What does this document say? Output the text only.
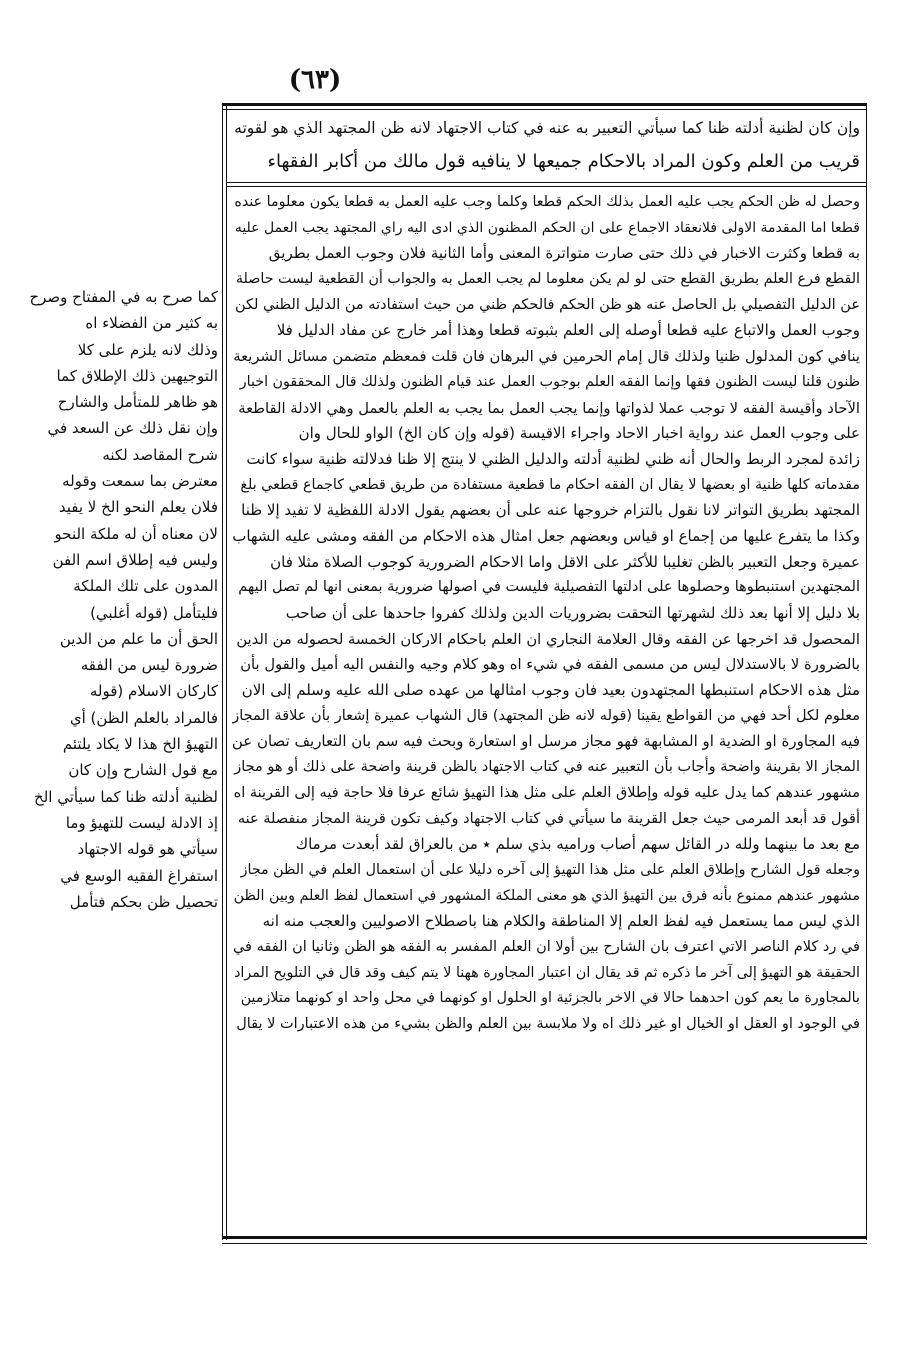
(٦٣)

وإن كان لظنية أدلته ظنا كما سيأتي التعبير به عنه في كتاب الاجتهاد لانه ظن المجتهد الذي هو لقوته

قريب من العلم وكون المراد بالاحكام جميعها لا ينافيه قول مالك من أكابر الفقهاء

وحصل له ظن الحكم يجب عليه العمل بذلك الحكم قطعا وكلما وجب عليه العمل به قطعا يكون معلوما عنده

قطعا اما المقدمة الاولى فلانعقاد الاجماع على ان الحكم المظنون الذي ادى اليه راي المجتهد يجب العمل عليه

به قطعا وكثرت الاخبار في ذلك حتى صارت متواترة المعنى وأما الثانية فلان وجوب العمل بطريق

القطع فرع العلم بطريق القطع حتى لو لم يكن معلوما لم يجب العمل به والجواب أن القطعية ليست حاصلة

عن الدليل التفصيلي بل الحاصل عنه هو ظن الحكم فالحكم ظني من حيث استفادته من الدليل الظني لكن

وجوب العمل والاتباع عليه قطعا أوصله إلى العلم بثبوته قطعا وهذا أمر خارج عن مفاد الدليل فلا

ينافي كون المدلول ظنيا ولذلك قال إمام الحرمين في البرهان فان قلت فمعظم متضمن مسائل الشريعة

ظنون قلنا ليست الظنون فقها وإنما الفقه العلم بوجوب العمل عند قيام الظنون ولذلك قال المحققون اخبار

الآحاد وأقيسة الفقه لا توجب عملا لذواتها وإنما يجب العمل بما يجب به العلم بالعمل وهي الادلة القاطعة

على وجوب العمل عند رواية اخبار الاحاد واجراء الاقيسة (قوله وإن كان الخ) الواو للحال وان

زائدة لمجرد الربط والحال أنه ظني لظنية أدلته والدليل الظني لا ينتج إلا ظنا فدلالته ظنية سواء كانت

مقدماته كلها ظنية او بعضها لا يقال ان الفقه احكام ما قطعية مستفادة من طريق قطعي كاجماع قطعي بلغ

المجتهد بطريق التواتر لانا نقول بالتزام خروجها عنه على أن بعضهم يقول الادلة اللفظية لا تفيد إلا ظنا

وكذا ما يتفرع عليها من إجماع او قياس وبعضهم جعل امثال هذه الاحكام من الفقه ومشى عليه الشهاب

عميرة وجعل التعبير بالظن تغليبا للأكثر على الاقل واما الاحكام الضرورية كوجوب الصلاة مثلا فان

المجتهدين استنبطوها وحصلوها على ادلتها التفصيلية فليست في اصولها ضرورية بمعنى انها لم تصل اليهم

بلا دليل إلا أنها بعد ذلك لشهرتها التحقت بضروريات الدين ولذلك كفروا جاحدها على أن صاحب

المحصول قد اخرجها عن الفقه وقال العلامة النجاري ان العلم باحكام الاركان الخمسة لحصوله من الدين

بالضرورة لا بالاستدلال ليس من مسمى الفقه في شيء اه وهو كلام وجيه والنفس اليه أميل والقول بأن

مثل هذه الاحكام استنبطها المجتهدون بعيد فان وجوب امثالها من عهده صلى الله عليه وسلم إلى الان

معلوم لكل أحد فهي من القواطع يقينا (قوله لانه ظن المجتهد) قال الشهاب عميرة إشعار بأن علاقة المجاز

فيه المجاورة او الضدية او المشابهة فهو مجاز مرسل او استعارة وبحث فيه سم بان التعاريف تصان عن

المجاز الا بقرينة واضحة وأجاب بأن التعبير عنه في كتاب الاجتهاد بالظن قرينة واضحة على ذلك أو هو مجاز

مشهور عندهم كما يدل عليه قوله وإطلاق العلم على مثل هذا التهيؤ شائع عرفا فلا حاجة فيه إلى القرينة اه

أقول قد أبعد المرمى حيث جعل القرينة ما سيأتي في كتاب الاجتهاد وكيف تكون قرينة المجاز منفصلة عنه

مع بعد ما بينهما ولله در القائل سهم أصاب وراميه بذي سلم ٭ من بالعراق لقد أبعدت مرماك

وجعله قول الشارح وإطلاق العلم على مثل هذا التهيؤ إلى آخره دليلا على أن استعمال العلم في الظن مجاز

مشهور عندهم ممنوع بأنه فرق بين التهيؤ الذي هو معنى الملكة المشهور في استعمال لفظ العلم وبين الظن

الذي ليس مما يستعمل فيه لفظ العلم إلا المناطقة والكلام هنا باصطلاح الاصوليين والعجب منه انه

في رد كلام الناصر الاتي اعترف بان الشارح بين أولا ان العلم المفسر به الفقه هو الظن وثانيا ان الفقه في

الحقيقة هو التهيؤ إلى آخر ما ذكره ثم قد يقال ان اعتبار المجاورة ههنا لا يتم كيف وقد قال في التلويح المراد

بالمجاورة ما يعم كون احدهما حالا في الاخر بالجزئية او الحلول او كونهما في محل واحد او كونهما متلازمين

في الوجود او العقل او الخيال او غير ذلك اه ولا ملابسة بين العلم والظن بشيء من هذه الاعتبارات لا يقال

كما صرح به في المفتاح وصرح

به كثير من الفضلاء اه

وذلك لانه يلزم على كلا

التوجيهين ذلك الإطلاق كما

هو ظاهر للمتأمل والشارح

وإن نقل ذلك عن السعد في

شرح المقاصد لكنه

معترض بما سمعت وقوله

فلان يعلم النحو الخ لا يفيد

لان معناه أن له ملكة النحو

وليس فيه إطلاق اسم الفن

المدون على تلك الملكة

فليتأمل (قوله أغلبي)

الحق أن ما علم من الدين

ضرورة ليس من الفقه

كاركان الاسلام (قوله

فالمراد بالعلم الظن) أي

التهيؤ الخ هذا لا يكاد يلتئم

مع قول الشارح وإن كان

لظنية أدلته ظنا كما سيأتي الخ

إذ الادلة ليست للتهيؤ وما

سيأتي هو قوله الاجتهاد

استفراغ الفقيه الوسع في

تحصيل ظن بحكم فتأمل
